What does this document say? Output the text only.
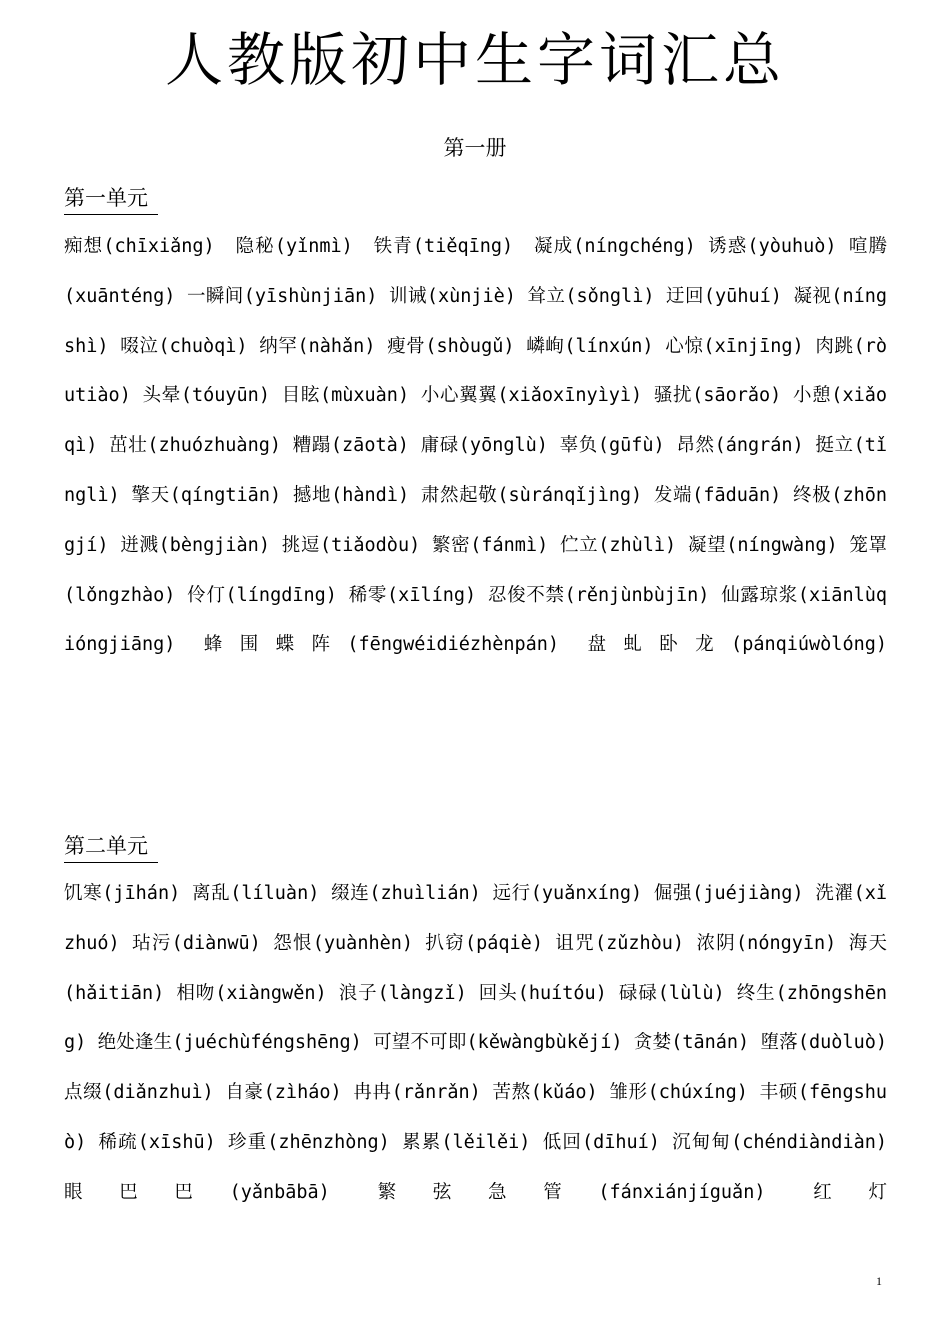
人教版初中生字词汇总
第一册
第一单元

痴想(chīxiǎng)　隐秘(yǐnmì)　铁青(tiěqīng)　凝成(níngchéng) 诱惑(yòuhuò) 喧腾(xuānténg) 一瞬间(yīshùnjiān) 训诫(xùnjiè) 耸立(sǒnglì) 迂回(yūhuí) 凝视(níngshì) 啜泣(chuòqì) 纳罕(nàhǎn) 瘦骨(shòugǔ) 嶙峋(línxún) 心惊(xīnjīng) 肉跳(ròutiào) 头晕(tóuyūn) 目眩(mùxuàn) 小心翼翼(xiǎoxīnyìyì) 骚扰(sāorǎo) 小憩(xiǎoqì) 茁壮(zhuózhuàng) 糟蹋(zāotà) 庸碌(yōnglù) 辜负(gūfù) 昂然(ángrán) 挺立(tǐnglì) 擎天(qíngtiān) 撼地(hàndì) 肃然起敬(sùránqǐjìng) 发端(fāduān) 终极(zhōngjí) 迸溅(bèngjiàn) 挑逗(tiǎodòu) 繁密(fánmì) 伫立(zhùlì) 凝望(níngwàng) 笼罩(lǒngzhào) 伶仃(língdīng) 稀零(xīlíng) 忍俊不禁(rěnjùnbùjīn) 仙露琼浆(xiānlùqióngjiāng) 蜂围蝶阵(fēngwéidiézhènpán) 盘虬卧龙(pánqiúwòlóng)

第二单元

饥寒(jīhán) 离乱(líluàn) 缀连(zhuìlián) 远行(yuǎnxíng) 倔强(juéjiàng) 洗濯(xǐzhuó) 玷污(diànwū) 怨恨(yuànhèn) 扒窃(páqiè) 诅咒(zǔzhòu) 浓阴(nóngyīn) 海天(hǎitiān) 相吻(xiàngwěn) 浪子(làngzǐ) 回头(huítóu) 碌碌(lùlù) 终生(zhōngshēng) 绝处逢生(juéchùféngshēng) 可望不可即(kěwàngbùkějí) 贪婪(tānán) 堕落(duòluò) 点缀(diǎnzhuì) 自豪(zìháo) 冉冉(rǎnrǎn) 苦熬(kǔáo) 雏形(chúxíng) 丰硕(fēngshuò) 稀疏(xīshū) 珍重(zhēnzhòng) 累累(lěilěi) 低回(dīhuí) 沉甸甸(chéndiàndiàn) 眼巴巴(yǎnbābā) 繁弦急管(fánxiánjíguǎn) 红灯

1
